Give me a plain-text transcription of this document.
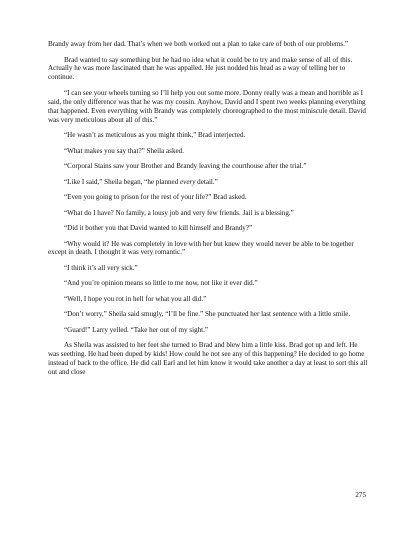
Brandy away from her dad. That’s when we both worked out a plan to take care of both of our problems.”

Brad wanted to say something but he had no idea what it could be to try and make sense of all of this. Actually he was more fascinated than he was appalled. He just nodded his head as a way of telling her to continue.

“I can see your wheels turning so I’ll help you out some more. Donny really was a mean and horrible as I said, the only difference was that he was my cousin. Anyhow, David and I spent two weeks planning everything that happened. Even everything with Brandy was completely choreographed to the most miniscule detail. David was very meticulous about all of this.”

“He wasn’t as meticulous as you might think,” Brad interjected.

“What makes you say that?” Sheila asked.

“Corporal Stains saw your Brother and Brandy leaving the courthouse after the trial.”

“Like I said,” Sheila began, “he planned every detail.”

“Even you going to prison for the rest of your life?” Brad asked.

“What do I have? No family, a lousy job and very few friends. Jail is a blessing.”

“Did it bother you that David wanted to kill himself and Brandy?”

“Why would it? He was completely in love with her but knew they would never be able to be together except in death. I thought it was very romantic.”

“I think it’s all very sick.”

“And you’re opinion means so little to me now, not like it ever did.”

“Well, I hope you rot in hell for what you all did.”

“Don’t worry,” Sheila said smugly, “I’ll be fine.” She punctuated her last sentence with a little smile.

“Guard!” Larry yelled. “Take her out of my sight.”

As Sheila was assisted to her feet she turned to Brad and blew him a little kiss. Brad got up and left. He was seething. He had been duped by kids! How could he not see any of this happening? He decided to go home instead of back to the office. He did call Earl and let him know it would take another a day at least to sort this all out and close

275
